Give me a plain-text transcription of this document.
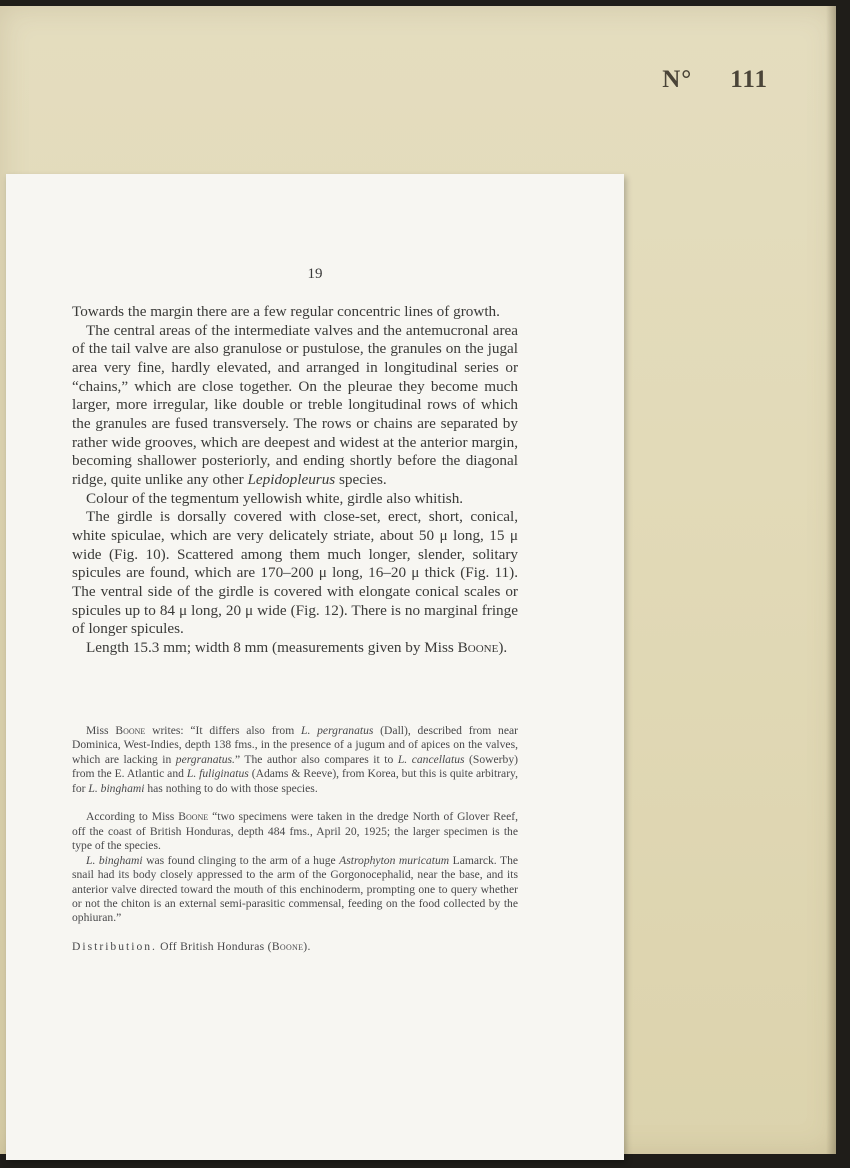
N° 111
19

Towards the margin there are a few regular concentric lines of growth.

The central areas of the intermediate valves and the antemucronal area of the tail valve are also granulose or pustulose, the granules on the jugal area very fine, hardly elevated, and arranged in longitudinal series or “chains,” which are close together. On the pleurae they become much larger, more irregular, like double or treble longitudinal rows of which the granules are fused transversely. The rows or chains are separated by rather wide grooves, which are deepest and widest at the anterior margin, becoming shallower posteriorly, and ending shortly before the diagonal ridge, quite unlike any other Lepidopleurus species.

Colour of the tegmentum yellowish white, girdle also whitish.

The girdle is dorsally covered with close-set, erect, short, conical, white spiculae, which are very delicately striate, about 50 μ long, 15 μ wide (Fig. 10). Scattered among them much longer, slender, solitary spicules are found, which are 170–200 μ long, 16–20 μ thick (Fig. 11). The ventral side of the girdle is covered with elongate conical scales or spicules up to 84 μ long, 20 μ wide (Fig. 12). There is no marginal fringe of longer spicules.

Length 15.3 mm; width 8 mm (measurements given by Miss Boone).

Miss Boone writes: “It differs also from L. pergranatus (Dall), described from near Dominica, West-Indies, depth 138 fms., in the presence of a jugum and of apices on the valves, which are lacking in pergranatus.” The author also compares it to L. cancellatus (Sowerby) from the E. Atlantic and L. fuliginatus (Adams & Reeve), from Korea, but this is quite arbitrary, for L. binghami has nothing to do with those species.

According to Miss Boone “two specimens were taken in the dredge North of Glover Reef, off the coast of British Honduras, depth 484 fms., April 20, 1925; the larger specimen is the type of the species.

L. binghami was found clinging to the arm of a huge Astrophyton muricatum Lamarck. The snail had its body closely appressed to the arm of the Gorgonocephalid, near the base, and its anterior valve directed toward the mouth of this enchinoderm, prompting one to query whether or not the chiton is an external semi-parasitic commensal, feeding on the food collected by the ophiuran.”

Distribution. Off British Honduras (Boone).
